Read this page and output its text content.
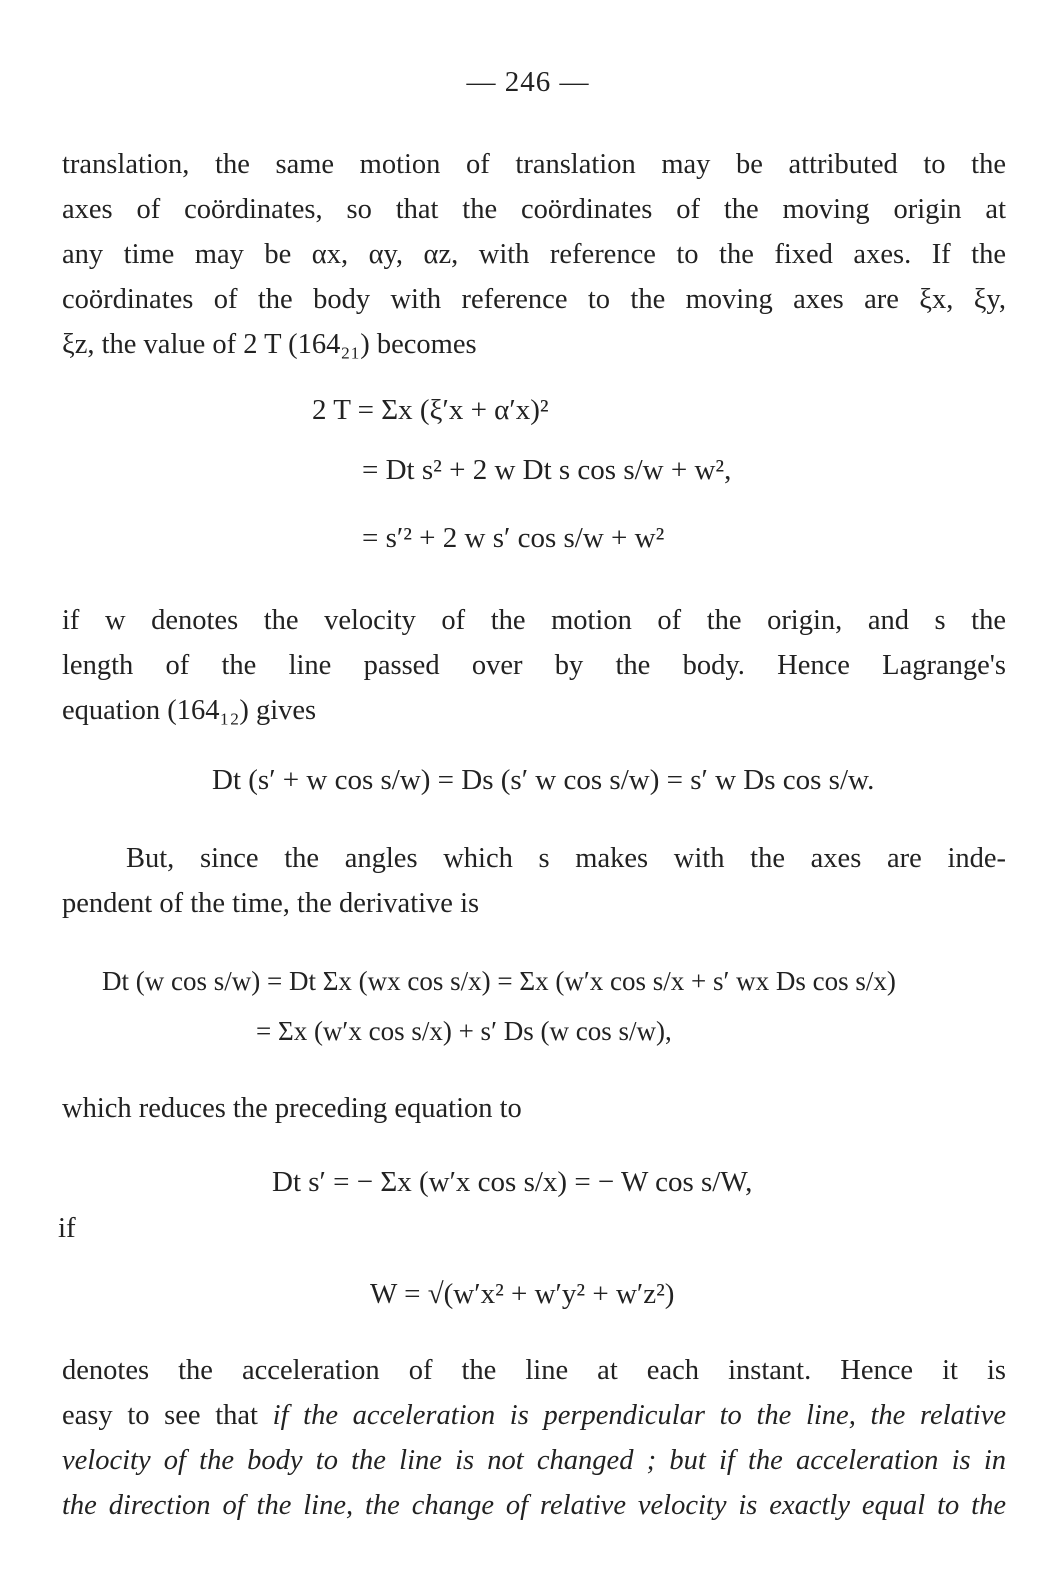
— 246 —
translation, the same motion of translation may be attributed to the
axes of coördinates, so that the coördinates of the moving origin at
any time may be αx, αy, αz, with reference to the fixed axes. If the
coördinates of the body with reference to the moving axes are ξx, ξy,
ξz, the value of 2 T (164₂₁) becomes
2 T = Σx (ξ′x + α′x)²
= Dt s² + 2 w Dt s cos s/w + w²,
= s′² + 2 w s′ cos s/w + w²
if w denotes the velocity of the motion of the origin, and s the
length of the line passed over by the body. Hence Lagrange's
equation (164₁₂) gives
Dt (s′ + w cos s/w) = Ds (s′ w cos s/w) = s′ w Ds cos s/w.
But, since the angles which s makes with the axes are inde-
pendent of the time, the derivative is
Dt (w cos s/w) = Dt Σx (wx cos s/x) = Σx (w′x cos s/x + s′ wx Ds cos s/x)
= Σx (w′x cos s/x) + s′ Ds (w cos s/w),
which reduces the preceding equation to
Dt s′ = − Σx (w′x cos s/x) = − W cos s/W,
if
W = √(w′x² + w′y² + w′z²)
denotes the acceleration of the line at each instant. Hence it is
easy to see that if the acceleration is perpendicular to the line, the relative
velocity of the body to the line is not changed ; but if the acceleration is in
the direction of the line, the change of relative velocity is exactly equal to the
